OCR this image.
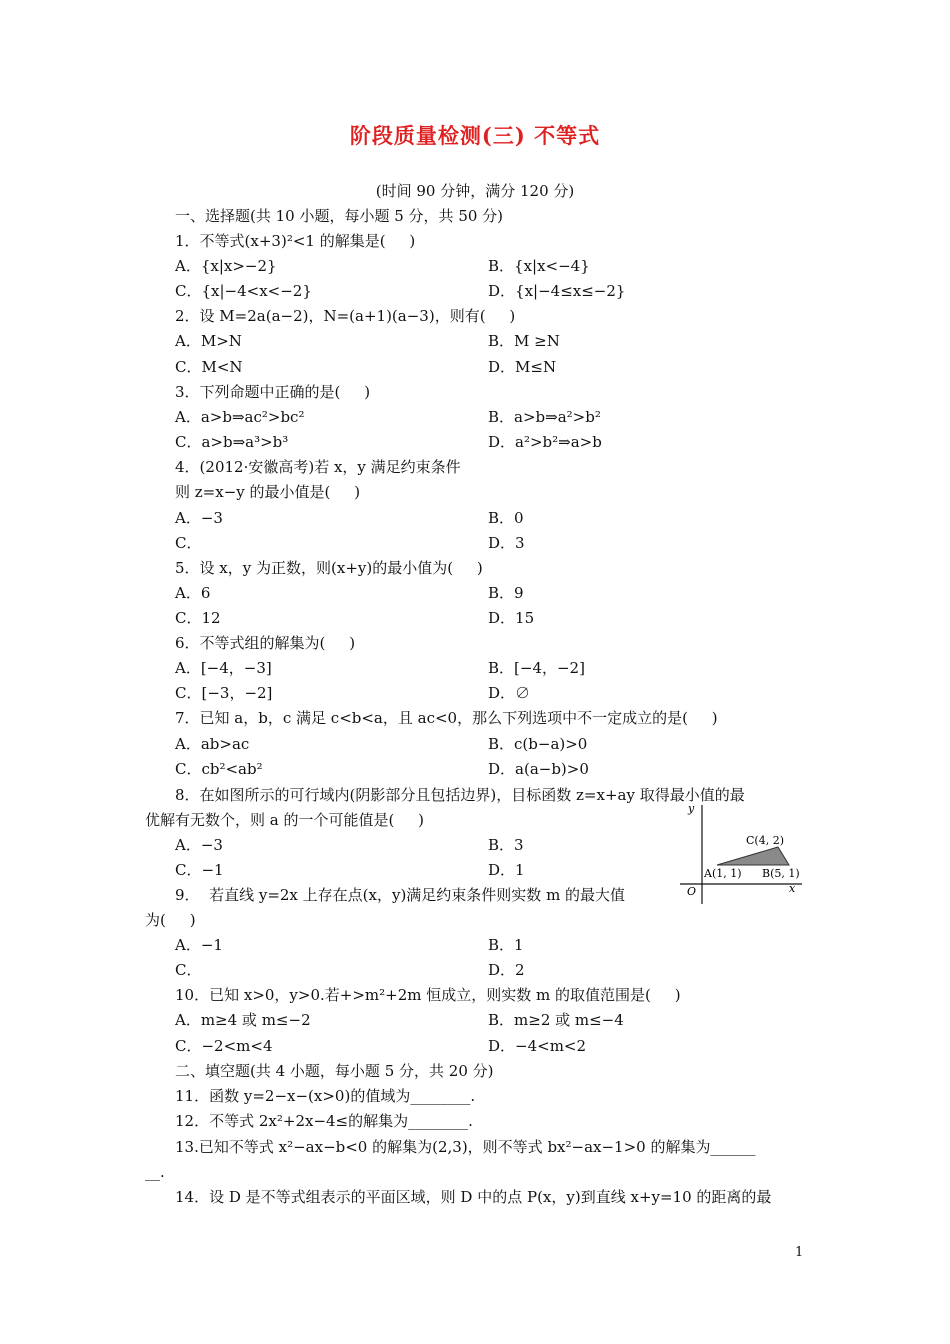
阶段质量检测(三) 不等式
(时间 90 分钟，满分 120 分)
一、选择题(共 10 小题，每小题 5 分，共 50 分)
1．不等式(x+3)²<1 的解集是(     )
A．{x|x>−2}	B．{x|x<−4}
C．{x|−4<x<−2}	D．{x|−4≤x≤−2}
2．设 M=2a(a−2)，N=(a+1)(a−3)，则有(     )
A．M>N	B．M ≥N
C．M<N	D．M≤N
3．下列命题中正确的是(     )
A．a>b⇒ac²>bc²	B．a>b⇒a²>b²
C．a>b⇒a³>b³	D．a²>b²⇒a>b
4．(2012·安徽高考)若 x，y 满足约束条件
则 z=x−y 的最小值是(     )
A．−3	B．0
C．	D．3
5．设 x，y 为正数，则(x+y)的最小值为(     )
A．6	B．9
C．12	D．15
6．不等式组的解集为(     )
A．[−4，−3]	B．[−4，−2]
C．[−3，−2]	D．∅
7．已知 a，b，c 满足 c<b<a，且 ac<0，那么下列选项中不一定成立的是(     )
A．ab>ac	B．c(b−a)>0
C．cb²<ab²	D．a(a−b)>0
8．在如图所示的可行域内(阴影部分且包括边界)，目标函数 z=x+ay 取得最小值的最
优解有无数个，则 a 的一个可能值是(     )
A．−3	B．3
C．−1	D．1
y
x
O
C(4, 2)
A(1, 1) B(5, 1)
9．  若直线 y=2x 上存在点(x，y)满足约束条件则实数 m 的最大值
为(     )
A．−1	B．1
C．	D．2
10．已知 x>0，y>0.若+>m²+2m 恒成立，则实数 m 的取值范围是(     )
A．m≥4 或 m≤−2	B．m≥2 或 m≤−4
C．−2<m<4	D．−4<m<2
二、填空题(共 4 小题，每小题 5 分，共 20 分)
11．函数 y=2−x−(x>0)的值域为________.
12．不等式 2x²+2x−4≤的解集为________.
13.已知不等式 x²−ax−b<0 的解集为(2,3)，则不等式 bx²−ax−1>0 的解集为______
__.
14．设 D 是不等式组表示的平面区域，则 D 中的点 P(x，y)到直线 x+y=10 的距离的最
1
